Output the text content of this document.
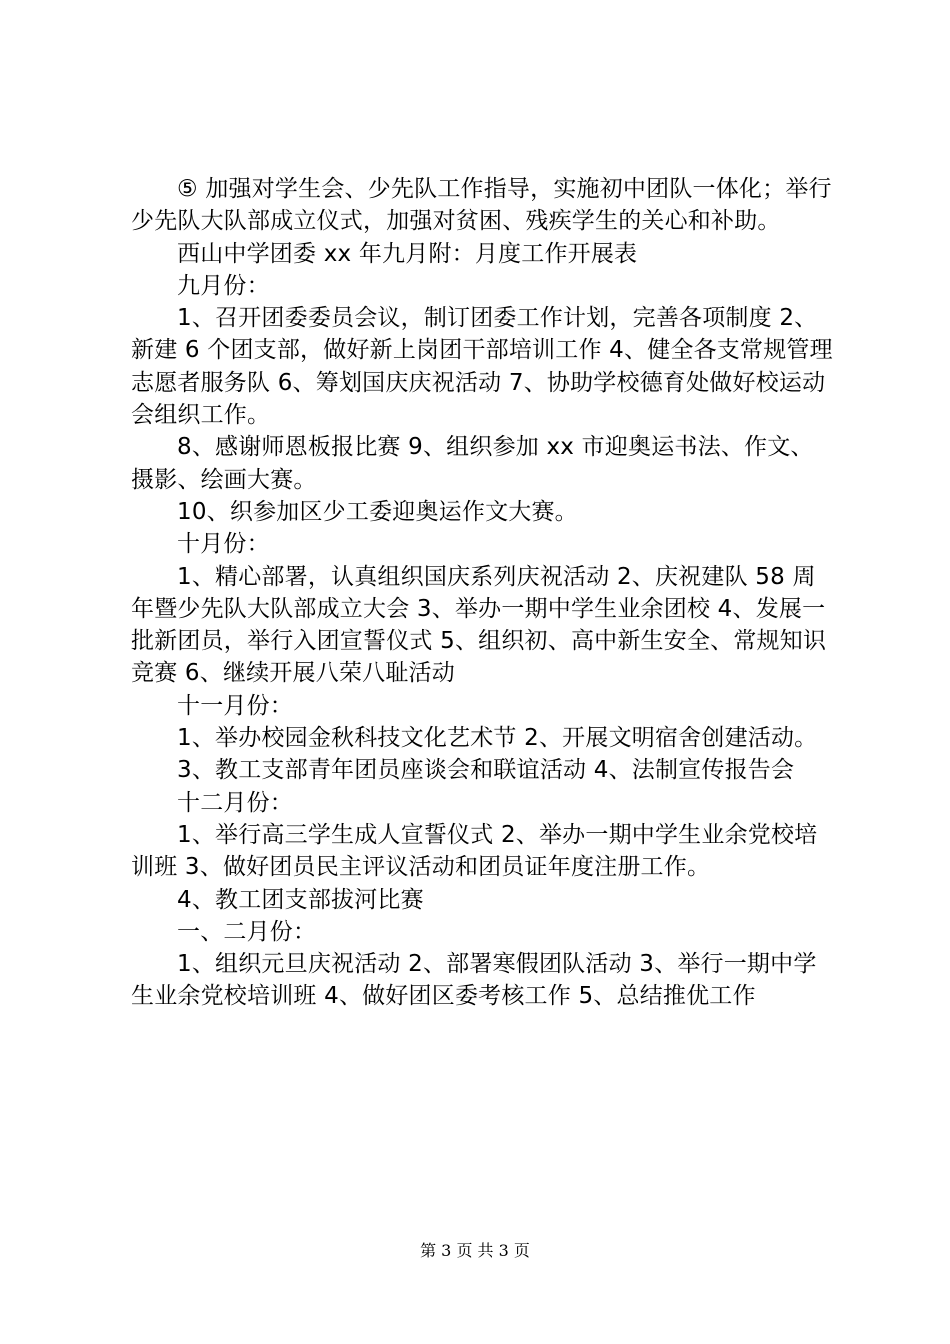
⑤ 加强对学生会、少先队工作指导，实施初中团队一体化；举行少先队大队部成立仪式，加强对贫困、残疾学生的关心和补助。

西山中学团委 xx 年九月附：月度工作开展表

九月份：

1、召开团委委员会议，制订团委工作计划，完善各项制度 2、新建 6 个团支部，做好新上岗团干部培训工作 4、健全各支常规管理志愿者服务队 6、筹划国庆庆祝活动 7、协助学校德育处做好校运动会组织工作。

8、感谢师恩板报比赛 9、组织参加 xx 市迎奥运书法、作文、摄影、绘画大赛。

10、织参加区少工委迎奥运作文大赛。

十月份：

1、精心部署，认真组织国庆系列庆祝活动 2、庆祝建队 58 周年暨少先队大队部成立大会 3、举办一期中学生业余团校 4、发展一批新团员，举行入团宣誓仪式 5、组织初、高中新生安全、常规知识竞赛 6、继续开展八荣八耻活动

十一月份：

1、举办校园金秋科技文化艺术节 2、开展文明宿舍创建活动。

3、教工支部青年团员座谈会和联谊活动 4、法制宣传报告会

十二月份：

1、举行高三学生成人宣誓仪式 2、举办一期中学生业余党校培训班 3、做好团员民主评议活动和团员证年度注册工作。

4、教工团支部拔河比赛

一、二月份：

1、组织元旦庆祝活动 2、部署寒假团队活动 3、举行一期中学生业余党校培训班 4、做好团区委考核工作 5、总结推优工作

第 3 页 共 3 页
